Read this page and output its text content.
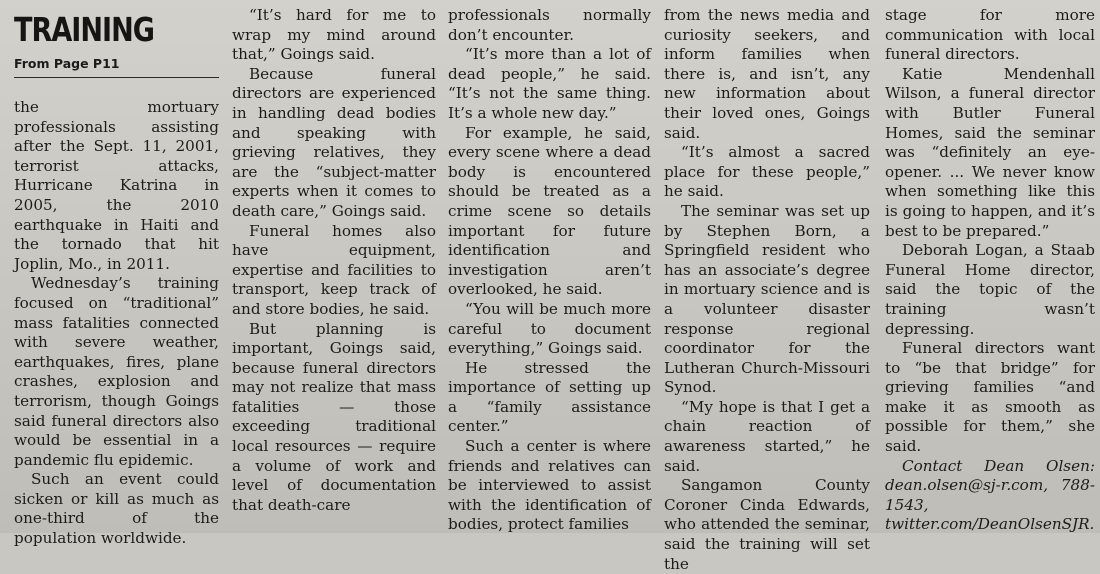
TRAINING
From Page P11

the mortuary professionals assisting after the Sept. 11, 2001, terrorist attacks, Hurricane Katrina in 2005, the 2010 earthquake in Haiti and the tornado that hit Joplin, Mo., in 2011.

Wednesday’s training focused on “traditional” mass fatalities connected with severe weather, earthquakes, fires, plane crashes, explosion and terrorism, though Goings said funeral directors also would be essential in a pandemic flu epidemic.

Such an event could sicken or kill as much as one-third of the population worldwide.

“It’s hard for me to wrap my mind around that,” Goings said.

Because funeral directors are experienced in handling dead bodies and speaking with grieving relatives, they are the “subject-matter experts when it comes to death care,” Goings said.

Funeral homes also have equipment, expertise and facilities to transport, keep track of and store bodies, he said.

But planning is important, Goings said, because funeral directors may not realize that mass fatalities — those exceeding traditional local resources — require a volume of work and level of documentation that death-care

professionals normally don’t encounter.

“It’s more than a lot of dead people,” he said. “It’s not the same thing. It’s a whole new day.”

For example, he said, every scene where a dead body is encountered should be treated as a crime scene so details important for future identification and investigation aren’t overlooked, he said.

“You will be much more careful to document everything,” Goings said.

He stressed the importance of setting up a “family assistance center.”

Such a center is where friends and relatives can be interviewed to assist with the identification of bodies, protect families

from the news media and curiosity seekers, and inform families when there is, and isn’t, any new information about their loved ones, Goings said.

“It’s almost a sacred place for these people,” he said.

The seminar was set up by Stephen Born, a Springfield resident who has an associate’s degree in mortuary science and is a volunteer disaster response regional coordinator for the Lutheran Church-Missouri Synod.

“My hope is that I get a chain reaction of awareness started,” he said.

Sangamon County Coroner Cinda Edwards, who attended the seminar, said the training will set the

stage for more communication with local funeral directors.

Katie Mendenhall Wilson, a funeral director with Butler Funeral Homes, said the seminar was “definitely an eye-opener. ... We never know when something like this is going to happen, and it’s best to be prepared.”

Deborah Logan, a Staab Funeral Home director, said the topic of the training wasn’t depressing.

Funeral directors want to “be that bridge” for grieving families “and make it as smooth as possible for them,” she said.

Contact Dean Olsen: dean.olsen@sj-r.com, 788-1543, twitter.com/DeanOlsenSJR.
